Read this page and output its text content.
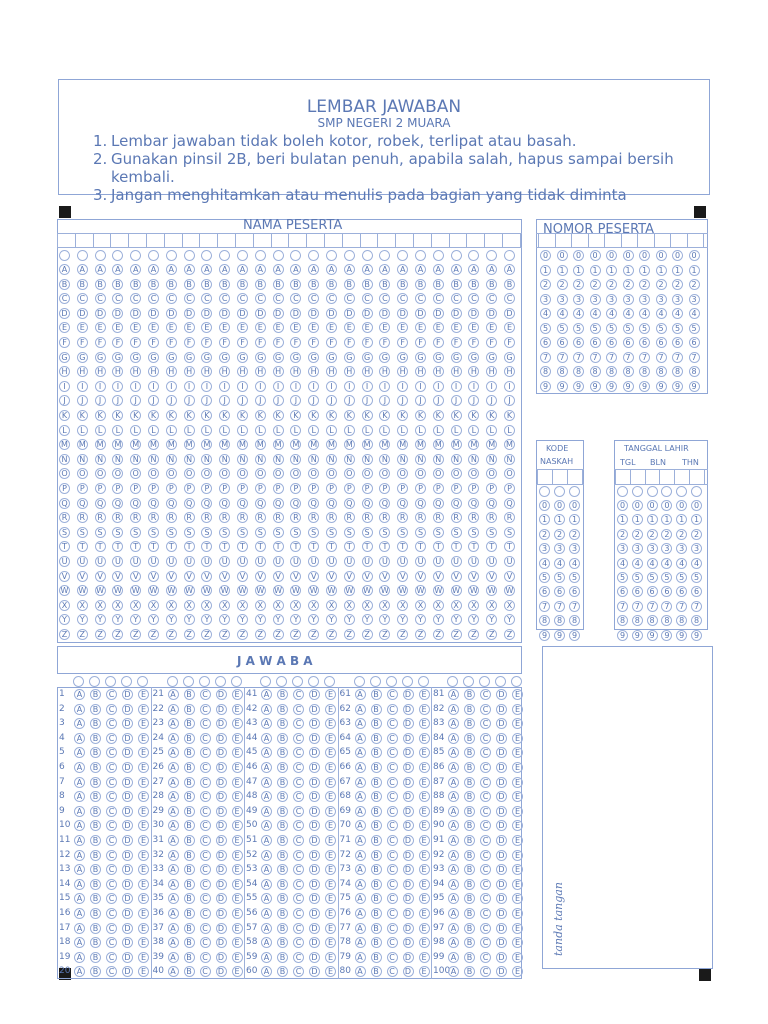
LEMBAR JAWABAN
SMP NEGERI 2 MUARA
1. Lembar jawaban tidak boleh kotor, robek, terlipat atau basah.
2. Gunakan pinsil 2B, beri bulatan penuh, apabila salah, hapus sampai bersih kembali.
3. Jangan menghitamkan atau menulis pada bagian yang tidak diminta
NAMA PESERTA
A	A	A	A	A	A	A	A	A	A	A	A	A	A	A	A	A	A	A	A	A	A	A	A	A	A
B	B	B	B	B	B	B	B	B	B	B	B	B	B	B	B	B	B	B	B	B	B	B	B	B	B
C	C	C	C	C	C	C	C	C	C	C	C	C	C	C	C	C	C	C	C	C	C	C	C	C	C
D	D	D	D	D	D	D	D	D	D	D	D	D	D	D	D	D	D	D	D	D	D	D	D	D	D
E	E	E	E	E	E	E	E	E	E	E	E	E	E	E	E	E	E	E	E	E	E	E	E	E	E
F	F	F	F	F	F	F	F	F	F	F	F	F	F	F	F	F	F	F	F	F	F	F	F	F	F
G	G	G	G	G	G	G	G	G	G	G	G	G	G	G	G	G	G	G	G	G	G	G	G	G	G
H	H	H	H	H	H	H	H	H	H	H	H	H	H	H	H	H	H	H	H	H	H	H	H	H	H
I	I	I	I	I	I	I	I	I	I	I	I	I	I	I	I	I	I	I	I	I	I	I	I	I	I
J	J	J	J	J	J	J	J	J	J	J	J	J	J	J	J	J	J	J	J	J	J	J	J	J	J
K	K	K	K	K	K	K	K	K	K	K	K	K	K	K	K	K	K	K	K	K	K	K	K	K	K
L	L	L	L	L	L	L	L	L	L	L	L	L	L	L	L	L	L	L	L	L	L	L	L	L	L
M M M M M M M M M M M M M M M M M M M M M M M M M M
N	N	N	N	N	N	N	N	N	N	N	N	N	N	N	N	N	N	N	N	N	N	N	N	N	N
O O O O O O O O O O O O O O O O O O O O O O O O O O
P	P	P	P	P	P	P	P	P	P	P	P	P	P	P	P	P	P	P	P	P	P	P	P	P	P
Q Q Q Q Q Q Q Q Q Q Q Q Q Q Q Q Q Q Q Q Q Q Q Q Q Q
R	R	R	R	R	R	R	R	R	R	R	R	R	R	R	R	R	R	R	R	R	R	R	R	R	R
S	S	S	S	S	S	S	S	S	S	S	S	S	S	S	S	S	S	S	S	S	S	S	S	S	S
T	T	T	T	T	T	T	T	T	T	T	T	T	T	T	T	T	T	T	T	T	T	T	T	T	T
U	U	U	U	U	U	U	U	U	U	U	U	U	U	U	U	U	U	U	U	U	U	U	U	U	U
V	V	V	V	V	V	V	V	V	V	V	V	V	V	V	V	V	V	V	V	V	V	V	V	V	V
W W W W W W W W W W W W W W W W W W W W W W W W W W
X	X	X	X	X	X	X	X	X	X	X	X	X	X	X	X	X	X	X	X	X	X	X	X	X	X
Y	Y	Y	Y	Y	Y	Y	Y	Y	Y	Y	Y	Y	Y	Y	Y	Y	Y	Y	Y	Y	Y	Y	Y	Y	Y
Z	Z	Z	Z	Z	Z	Z	Z	Z	Z	Z	Z	Z	Z	Z	Z	Z	Z	Z	Z	Z	Z	Z	Z	Z	Z
NOMOR PESERTA
0	0	0	0	0	0	0	0	0	0
1	1	1	1	1	1	1	1	1	1
2	2	2	2	2	2	2	2	2	2
3	3	3	3	3	3	3	3	3	3
4	4	4	4	4	4	4	4	4	4
5	5	5	5	5	5	5	5	5	5
6	6	6	6	6	6	6	6	6	6
7	7	7	7	7	7	7	7	7	7
8	8	8	8	8	8	8	8	8	8
9	9	9	9	9	9	9	9	9	9
KODE
NASKAH
0	0	0
1	1	1
2	2	2
3	3	3
4	4	4
5	5	5
6	6	6
7	7	7
8	8	8
9	9	9
TANGGAL LAHIR
TGL BLN THN
0	0	0	0	0	0
1	1	1	1	1	1
2	2	2	2	2	2
3	3	3	3	3	3
4	4	4	4	4	4
5	5	5	5	5	5
6	6	6	6	6	6
7	7	7	7	7	7
8	8	8	8	8	8
9	9	9	9	9	9
J A W A B A
1	A	B	C	D	E
2	A	B	C	D	E
3	A	B	C	D	E
4	A	B	C	D	E
5	A	B	C	D	E
6	A	B	C	D	E
7	A	B	C	D	E
8	A	B	C	D	E
9	A	B	C	D	E
10 A	B	C	D	E
11 A	B	C	D	E
12 A	B	C	D	E
13 A	B	C	D	E
14 A	B	C	D	E
15 A	B	C	D	E
16 A	B	C	D	E
17 A	B	C	D	E
18 A	B	C	D	E
19 A	B	C	D	E
20 A	B	C	D	E
21 A	B	C	D	E
22 A	B	C	D	E
23 A	B	C	D	E
24 A	B	C	D	E
25 A	B	C	D	E
26 A	B	C	D	E
27 A	B	C	D	E
28 A	B	C	D	E
29 A	B	C	D	E
30 A	B	C	D	E
31 A	B	C	D	E
32 A	B	C	D	E
33 A	B	C	D	E
34 A	B	C	D	E
35 A	B	C	D	E
36 A	B	C	D	E
37 A	B	C	D	E
38 A	B	C	D	E
39 A	B	C	D	E
40 A	B	C	D	E
41 A	B	C	D	E
42 A	B	C	D	E
43 A	B	C	D	E
44 A	B	C	D	E
45 A	B	C	D	E
46 A	B	C	D	E
47 A	B	C	D	E
48 A	B	C	D	E
49 A	B	C	D	E
50 A	B	C	D	E
51 A	B	C	D	E
52 A	B	C	D	E
53 A	B	C	D	E
54 A	B	C	D	E
55 A	B	C	D	E
56 A	B	C	D	E
57 A	B	C	D	E
58 A	B	C	D	E
59 A	B	C	D	E
60 A	B	C	D	E
61 A	B	C	D	E
62 A	B	C	D	E
63 A	B	C	D	E
64 A	B	C	D	E
65 A	B	C	D	E
66 A	B	C	D	E
67 A	B	C	D	E
68 A	B	C	D	E
69 A	B	C	D	E
70 A	B	C	D	E
71 A	B	C	D	E
72 A	B	C	D	E
73 A	B	C	D	E
74 A	B	C	D	E
75 A	B	C	D	E
76 A	B	C	D	E
77 A	B	C	D	E
78 A	B	C	D	E
79 A	B	C	D	E
80 A	B	C	D	E
81 A	B	C	D	E
82 A	B	C	D	E
83 A	B	C	D	E
84 A	B	C	D	E
85 A	B	C	D	E
86 A	B	C	D	E
87 A	B	C	D	E
88 A	B	C	D	E
89 A	B	C	D	E
90 A	B	C	D	E
91 A	B	C	D	E
92 A	B	C	D	E
93 A	B	C	D	E
94 A	B	C	D	E
95 A	B	C	D	E
96 A	B	C	D	E
97 A	B	C	D	E
98 A	B	C	D	E
99 A	B	C	D	E
100 A	B	C	D	E
tanda tangan
